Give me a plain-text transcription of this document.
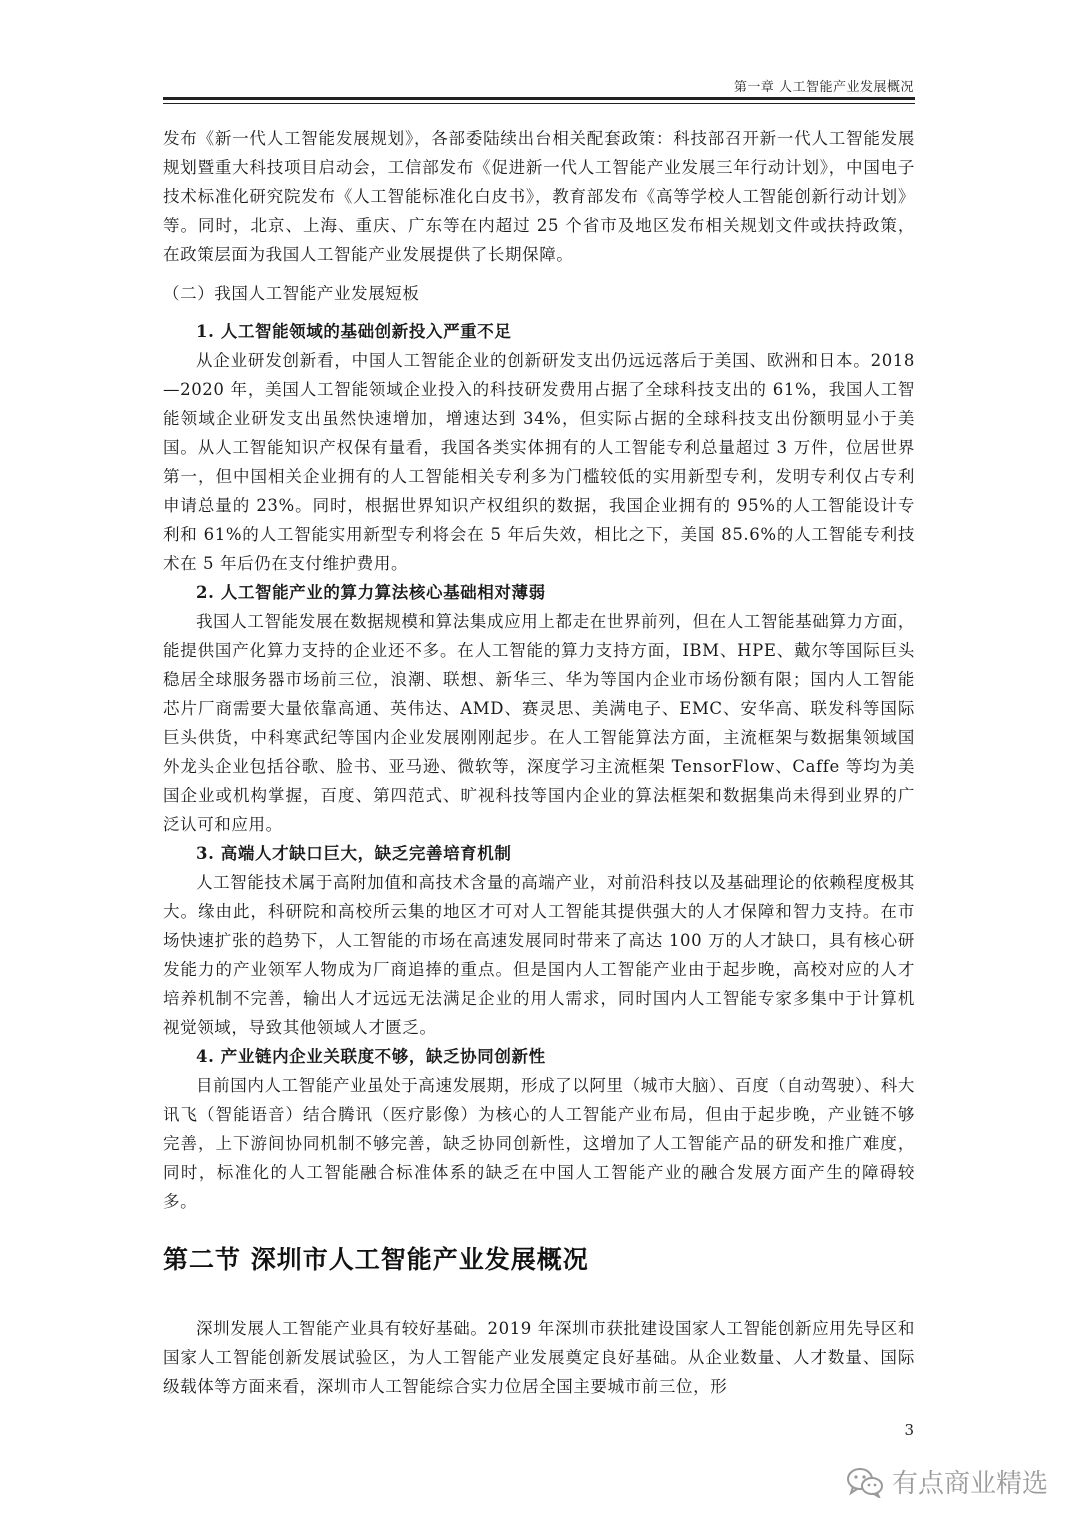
第一章 人工智能产业发展概况

发布《新一代人工智能发展规划》，各部委陆续出台相关配套政策：科技部召开新一代人工智能发展规划暨重大科技项目启动会，工信部发布《促进新一代人工智能产业发展三年行动计划》，中国电子技术标准化研究院发布《人工智能标准化白皮书》，教育部发布《高等学校人工智能创新行动计划》等。同时，北京、上海、重庆、广东等在内超过 25 个省市及地区发布相关规划文件或扶持政策，在政策层面为我国人工智能产业发展提供了长期保障。

（二）我国人工智能产业发展短板

1. 人工智能领域的基础创新投入严重不足

从企业研发创新看，中国人工智能企业的创新研发支出仍远远落后于美国、欧洲和日本。2018—2020 年，美国人工智能领域企业投入的科技研发费用占据了全球科技支出的 61%，我国人工智能领域企业研发支出虽然快速增加，增速达到 34%，但实际占据的全球科技支出份额明显小于美国。从人工智能知识产权保有量看，我国各类实体拥有的人工智能专利总量超过 3 万件，位居世界第一，但中国相关企业拥有的人工智能相关专利多为门槛较低的实用新型专利，发明专利仅占专利申请总量的 23%。同时，根据世界知识产权组织的数据，我国企业拥有的 95%的人工智能设计专利和 61%的人工智能实用新型专利将会在 5 年后失效，相比之下，美国 85.6%的人工智能专利技术在 5 年后仍在支付维护费用。

2. 人工智能产业的算力算法核心基础相对薄弱

我国人工智能发展在数据规模和算法集成应用上都走在世界前列，但在人工智能基础算力方面，能提供国产化算力支持的企业还不多。在人工智能的算力支持方面，IBM、HPE、戴尔等国际巨头稳居全球服务器市场前三位，浪潮、联想、新华三、华为等国内企业市场份额有限；国内人工智能芯片厂商需要大量依靠高通、英伟达、AMD、赛灵思、美满电子、EMC、安华高、联发科等国际巨头供货，中科寒武纪等国内企业发展刚刚起步。在人工智能算法方面，主流框架与数据集领域国外龙头企业包括谷歌、脸书、亚马逊、微软等，深度学习主流框架 TensorFlow、Caffe 等均为美国企业或机构掌握，百度、第四范式、旷视科技等国内企业的算法框架和数据集尚未得到业界的广泛认可和应用。

3. 高端人才缺口巨大，缺乏完善培育机制

人工智能技术属于高附加值和高技术含量的高端产业，对前沿科技以及基础理论的依赖程度极其大。缘由此，科研院和高校所云集的地区才可对人工智能其提供强大的人才保障和智力支持。在市场快速扩张的趋势下，人工智能的市场在高速发展同时带来了高达 100 万的人才缺口，具有核心研发能力的产业领军人物成为厂商追捧的重点。但是国内人工智能产业由于起步晚，高校对应的人才培养机制不完善，输出人才远远无法满足企业的用人需求，同时国内人工智能专家多集中于计算机视觉领域，导致其他领域人才匮乏。

4. 产业链内企业关联度不够，缺乏协同创新性

目前国内人工智能产业虽处于高速发展期，形成了以阿里（城市大脑）、百度（自动驾驶）、科大讯飞（智能语音）结合腾讯（医疗影像）为核心的人工智能产业布局，但由于起步晚，产业链不够完善，上下游间协同机制不够完善，缺乏协同创新性，这增加了人工智能产品的研发和推广难度，同时，标准化的人工智能融合标准体系的缺乏在中国人工智能产业的融合发展方面产生的障碍较多。

第二节 深圳市人工智能产业发展概况

深圳发展人工智能产业具有较好基础。2019 年深圳市获批建设国家人工智能创新应用先导区和国家人工智能创新发展试验区，为人工智能产业发展奠定良好基础。从企业数量、人才数量、国际级载体等方面来看，深圳市人工智能综合实力位居全国主要城市前三位，形

3
有点商业精选
